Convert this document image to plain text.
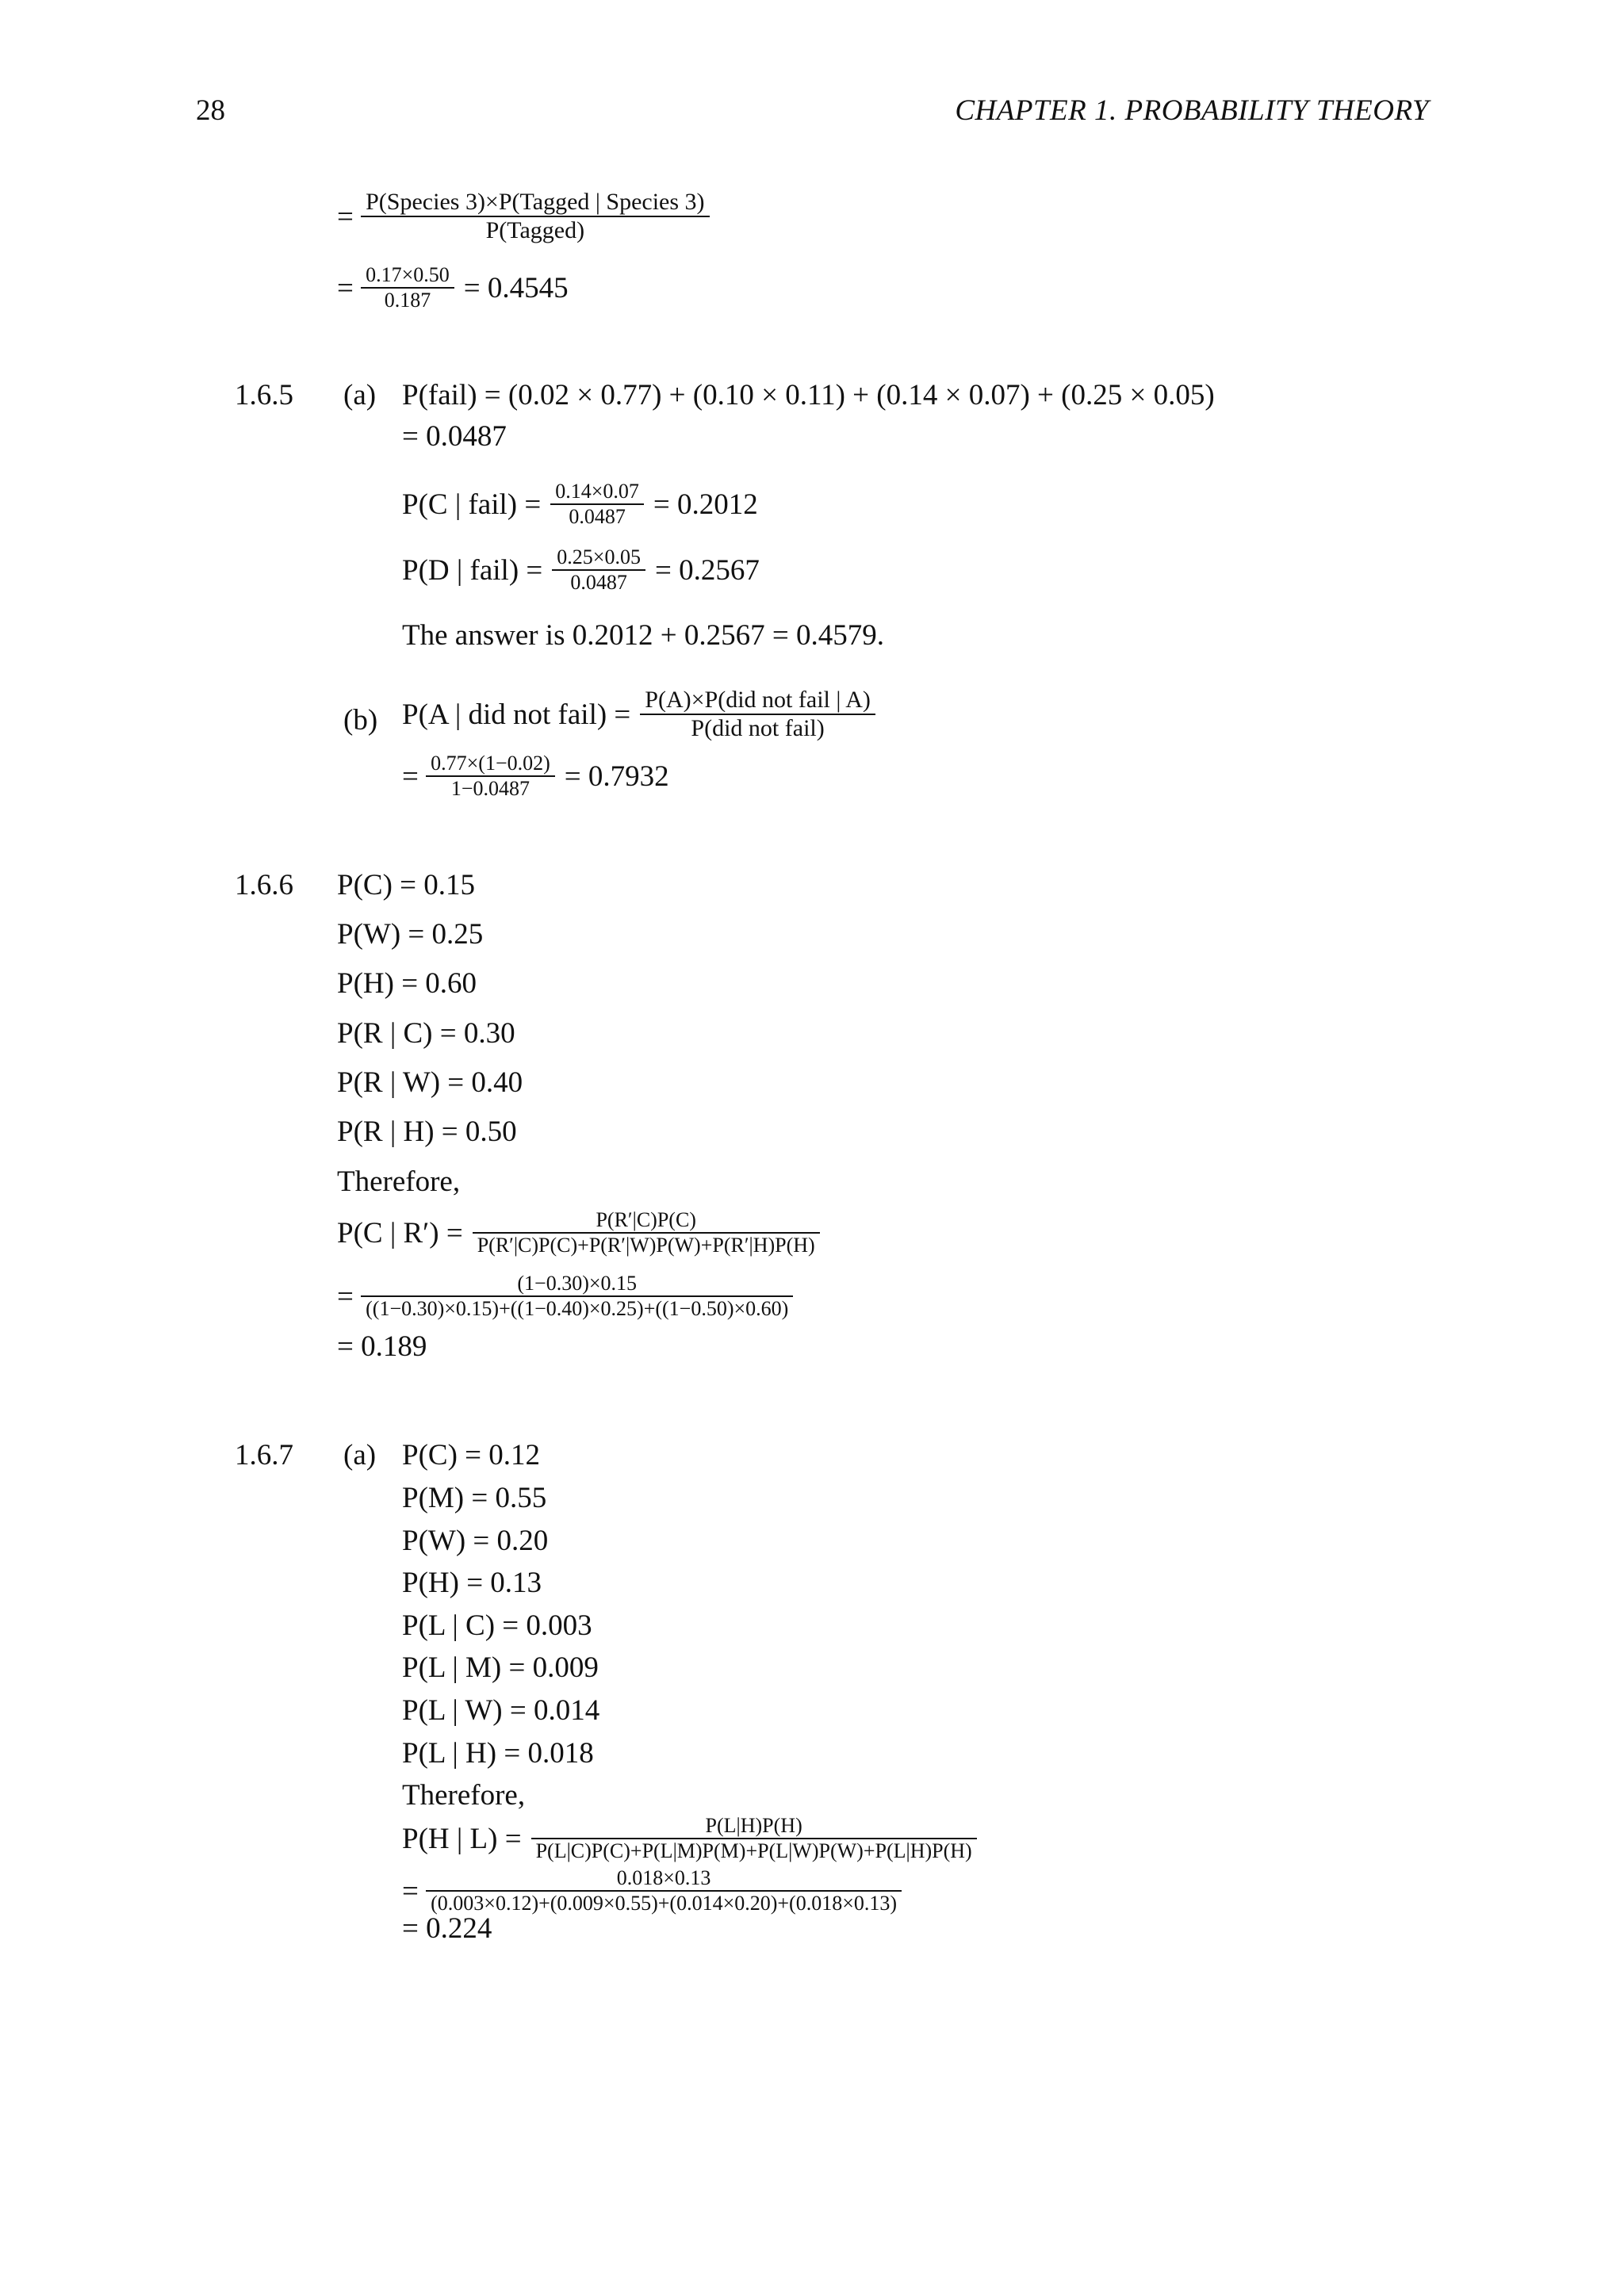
28	CHAPTER 1. PROBABILITY THEORY
= $\frac{\text{P(Species 3)×P(Tagged | Species 3)}}{\text{P(Tagged)}}$
= $\frac{0.17\times 0.50}{0.187} = 0.4545$
1.6.5 (a) P(fail) = (0.02 × 0.77) + (0.10 × 0.11) + (0.14 × 0.07) + (0.25 × 0.05)
= 0.0487
P(C | fail) = $\frac{0.14\times 0.07}{0.0487} = 0.2012$
P(D | fail) = $\frac{0.25\times 0.05}{0.0487} = 0.2567$
The answer is 0.2012 + 0.2567 = 0.4579.
(b) P(A | did not fail) = $\frac{\text{P(A)×P(did not fail | A)}}{\text{P(did not fail)}}$
= $\frac{0.77\times(1-0.02)}{1-0.0487} = 0.7932$
1.6.6 P(C) = 0.15
P(W) = 0.25
P(H) = 0.60
P(R | C) = 0.30
P(R | W) = 0.40
P(R | H) = 0.50
Therefore,
P(C | $R') = \frac{P(R'|C)P(C)}{P(R'|C)P(C)+P(R'|W)P(W)+P(R'|H)P(H)}$
= $\frac{(1-0.30)\times 0.15}{((1-0.30)\times 0.15)+((1-0.40)\times 0.25)+((1-0.50)\times 0.60)}$
= 0.189
1.6.7 (a) P(C) = 0.12
P(M) = 0.55
P(W) = 0.20
P(H) = 0.13
P(L | C) = 0.003
P(L | M) = 0.009
P(L | W) = 0.014
P(L | H) = 0.018
Therefore,
P(H | $L) = \frac{P(L|H)P(H)}{P(L|C)P(C)+P(L|M)P(M)+P(L|W)P(W)+P(L|H)P(H)}$
= $\frac{0.018\times 0.13}{(0.003\times 0.12)+(0.009\times 0.55)+(0.014\times 0.20)+(0.018\times 0.13)}$
= 0.224
